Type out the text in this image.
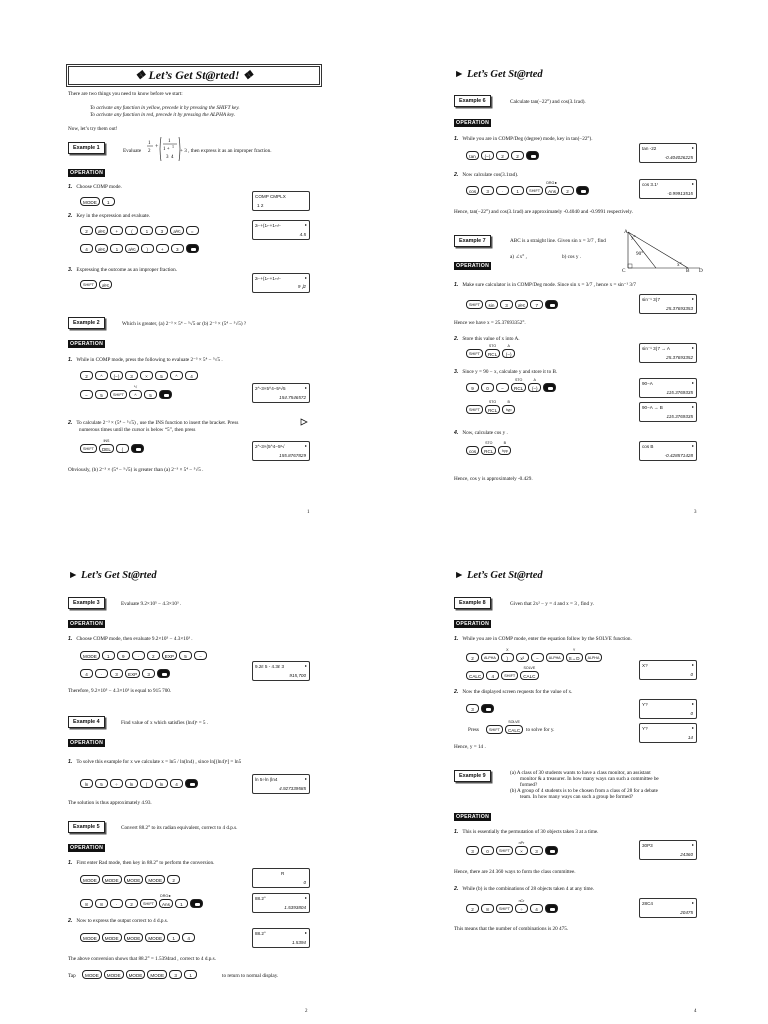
❖ Let’s Get St@rted! ❖
There are two things you need to know before we start:
To activate any function in yellow, precede it by pressing the SHIFT key.
To activate any function in red, precede it by pressing the ALPHA key.
Now, let’s try them out!
Example 1	Evaluate
1
2
+
1
1 +
1
3 4
+ 3 , then express it as an improper fraction.
OPERATION
1. Choose COMP mode.
MODE	1
COMP CMPLX
1 2
2. Key in the expression and evaluate.
2	aᵇ⁄c	+	(	1	3	aᵇ⁄c	=
4	aᵇ⁄c	1	aᵇ⁄c	)	+	3
2⌐+(1⌐+1⌐⁄⌐	▸
4.5
3. Expressing the outcome as an improper fraction.
SHIFT	aᵇ⁄c
2⌐+(1⌐+1⌐⁄⌐	▸
9 ⌋2
Example 2	Which is greater, (a) 2⁻³ × 5⁴ − ⁵√5 or (b) 2⁻³ × (5⁴ − ⁵√5) ?
OPERATION
1. While in COMP mode, press the following to evaluate 2⁻³ × 5⁴ − ⁵√5 .
2	^	(−)	3	×	5	^	4
−	5	SHIFT
ˣ√
^	5
2^-3×5^4−5ˣ√5	▸
154.7546572
2. To calculate 2⁻³ × (5⁴ − ⁵√5) , use the INS function to insert the bracket. Press
numerous times until the cursor is below “5”, then press
SHIFT
INS
DEL	(
2^-3×(5^4−5ˣ√	▸
155.8767829
Obviously, (b) 2⁻³ × (5⁴ − ⁵√5) is greater than (a) 2⁻³ × 5⁴ − ⁵√5 .
1
► Let’s Get St@rted
Example 6	Calculate tan(−22°) and cos(3.1rad).
OPERATION
1. While you are in COMP/Deg (degree) mode, key in tan(−22°).
tan	(−)	2	2
tan -22	▸
-0.404026225
2. Now calculate cos(3.1rad).
cos	3	·	1	SHIFT
DRG►
Ans	2
cos 3.1ʳ	▸
-0.99913515
Hence, tan(−22°) and cos(3.1rad) are approximately -0.4040 and -0.9991 respectively.
Example 7	ABC is a straight line. Given sin x = 3/7 , find
a) ∠x° ,	b) cos y .
A
y°
90°
x°
C	B D
OPERATION
1. Make sure calculator is in COMP/Deg mode. Since sin x = 3/7 , hence x = sin⁻¹ 3/7
SHIFT	sin	3	aᵇ⁄c	7
sin⁻¹ 3⌋7	▸
25.37693353
Hence we have x = 25.37693352°.
2. Store this value of x into A.
SHIFT
STO
RCL
A
(−)
sin⁻¹ 3⌋7 → A	▸
25.37693352
3. Since y = 90 − x, calculate y and store it to B.
9	0	−
STO
RCL
A
(−)
SHIFT
STO
RCL
B
hyp
90−A	▸
115.3769335
90−A → B	▸
115.3769335
4. Now, calculate cos y .
cos
STO
RCL
B
hyp
cos B	▸
-0.428571428
Hence, cos y is approximately -0.429.
3
► Let’s Get St@rted
Example 3	Evaluate 9.2×10⁵ − 4.3×10³ .
OPERATION
1. Choose COMP mode, then evaluate 9.2×10⁵ − 4.3×10³ .
MODE	1	9	·	2	EXP	5	−
4	·	3	EXP	3
9.2ᴇ 5 - 4.3ᴇ 3	▸
915,700
Therefore, 9.2×10⁵ − 4.3×10³ is equal to 915 700.
Example 4	Find value of x which satisfies (ln4)ˣ = 5 .
OPERATION
1. To solve this example for x we calculate x = ln5 / ln(ln4) , since ln[(ln4)ˣ] = ln5
ln	5	÷	ln	(	ln	4
ln 5÷ln (ln4	▸
4.927339585
The solution is thus approximately 4.93.
Example 5	Convert 88.2° to its radian equivalent, correct to 4 d.p.s.
OPERATION
1. First enter Rad mode, then key in 88.2° to perform the conversion.
MODE	MODE	MODE	MODE	2
R
0
8	8	·	2	SHIFT
DRG►
Ans	1
88.2°	▸
1.5393804
2. Now to express the output correct to 4 d.p.s.
MODE	MODE	MODE	MODE	1	4
88.2°	▸
1.5394
The above conversion shows that 88.2° = 1.5394rad , correct to 4 d.p.s.
Tap	MODE	MODE	MODE	MODE	3	1	to return to normal display.
2
► Let’s Get St@rted
Example 8	Given that 2x² − y = 4 and x = 3 , find y.
OPERATION
1. While you are in COMP mode, enter the equation follow by the SOLVE function.
2	ALPHA
X
)	x²	−	ALPHA
Y
S↔D	ALPHA
CALC	4	SHIFT
SOLVE
CALC
X?	▸
0
2. Now the displayed screen requests for the value of x.
3
Y?	▸
0
Press	SHIFT
SOLVE
CALC	to solve for y.	Y?	▸
14
Hence, y = 14 .
Example 9	(a) A class of 30 students wants to have a class monitor, an assistant
monitor & a treasurer. In how many ways can such a committee be
formed?
(b) A group of 4 students is to be chosen from a class of 28 for a debate
team. In how many ways can such a group be formed?
OPERATION
1. This is essentially the permutation of 30 objects taken 3 at a time.
3	0	SHIFT
nPr
×	3
30P3	▸
24360
Hence, there are 24 360 ways to form the class committee.
2. While (b) is the combinations of 28 objects taken 4 at any time.
2	8	SHIFT
nCr
÷	4
28C4	▸
20475
This means that the number of combinations is 20 475.
4
